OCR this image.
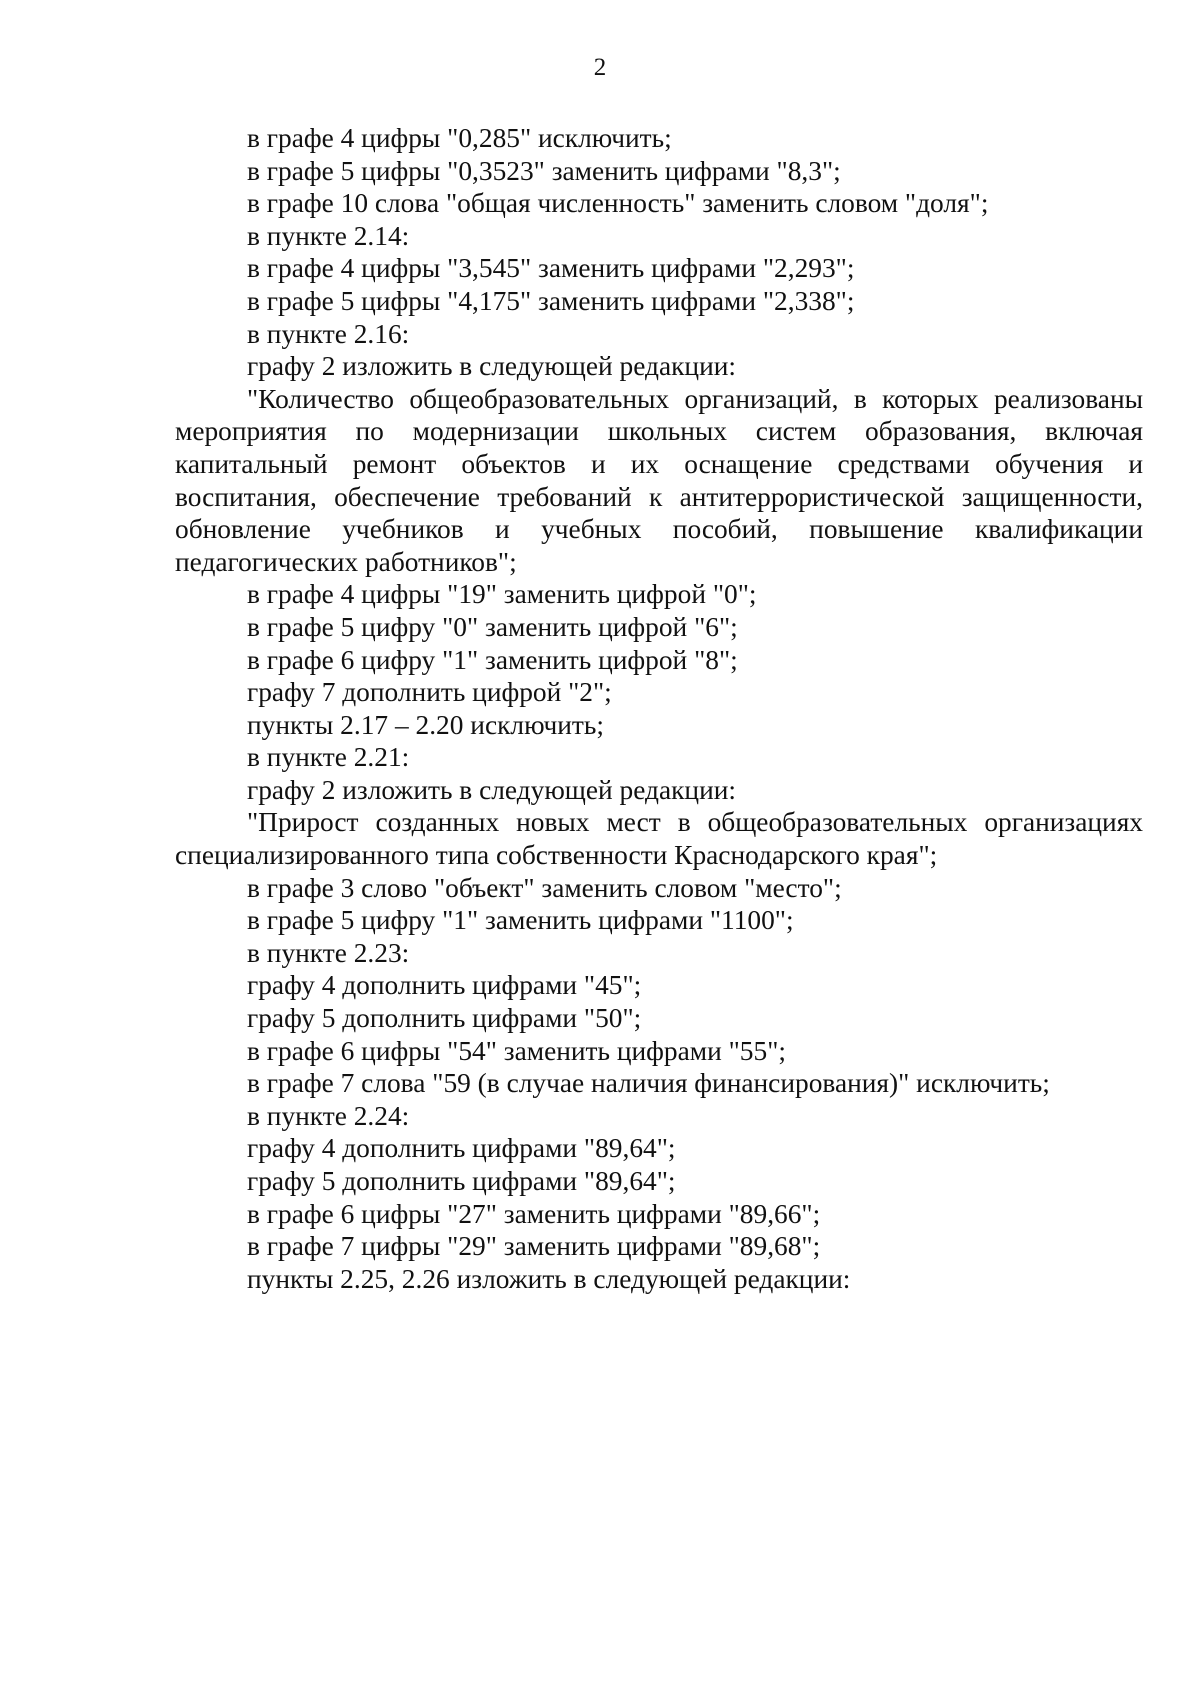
2

в графе 4 цифры "0,285" исключить;

в графе 5 цифры "0,3523" заменить цифрами "8,3";

в графе 10 слова "общая численность" заменить словом "доля";

в пункте 2.14:

в графе 4 цифры "3,545" заменить цифрами "2,293";

в графе 5 цифры "4,175" заменить цифрами "2,338";

в пункте 2.16:

графу 2 изложить в следующей редакции:

"Количество общеобразовательных организаций, в которых реализованы мероприятия по модернизации школьных систем образования, включая капитальный ремонт объектов и их оснащение средствами обучения и воспитания, обеспечение требований к антитеррористической защищенности, обновление учебников и учебных пособий, повышение квалификации педагогических работников";

в графе 4 цифры "19" заменить цифрой "0";

в графе 5 цифру "0" заменить цифрой "6";

в графе 6 цифру "1" заменить цифрой "8";

графу 7 дополнить цифрой "2";

пункты 2.17 – 2.20 исключить;

в пункте 2.21:

графу 2 изложить в следующей редакции:

"Прирост созданных новых мест в общеобразовательных организациях специализированного типа собственности Краснодарского края";

в графе 3 слово "объект" заменить словом "место";

в графе 5 цифру "1" заменить цифрами "1100";

в пункте 2.23:

графу 4 дополнить цифрами "45";

графу 5 дополнить цифрами "50";

в графе 6 цифры "54" заменить цифрами "55";

в графе 7 слова "59 (в случае наличия финансирования)" исключить;

в пункте 2.24:

графу 4 дополнить цифрами "89,64";

графу 5 дополнить цифрами "89,64";

в графе 6 цифры "27" заменить цифрами "89,66";

в графе 7 цифры "29" заменить цифрами "89,68";

пункты 2.25, 2.26 изложить в следующей редакции:
